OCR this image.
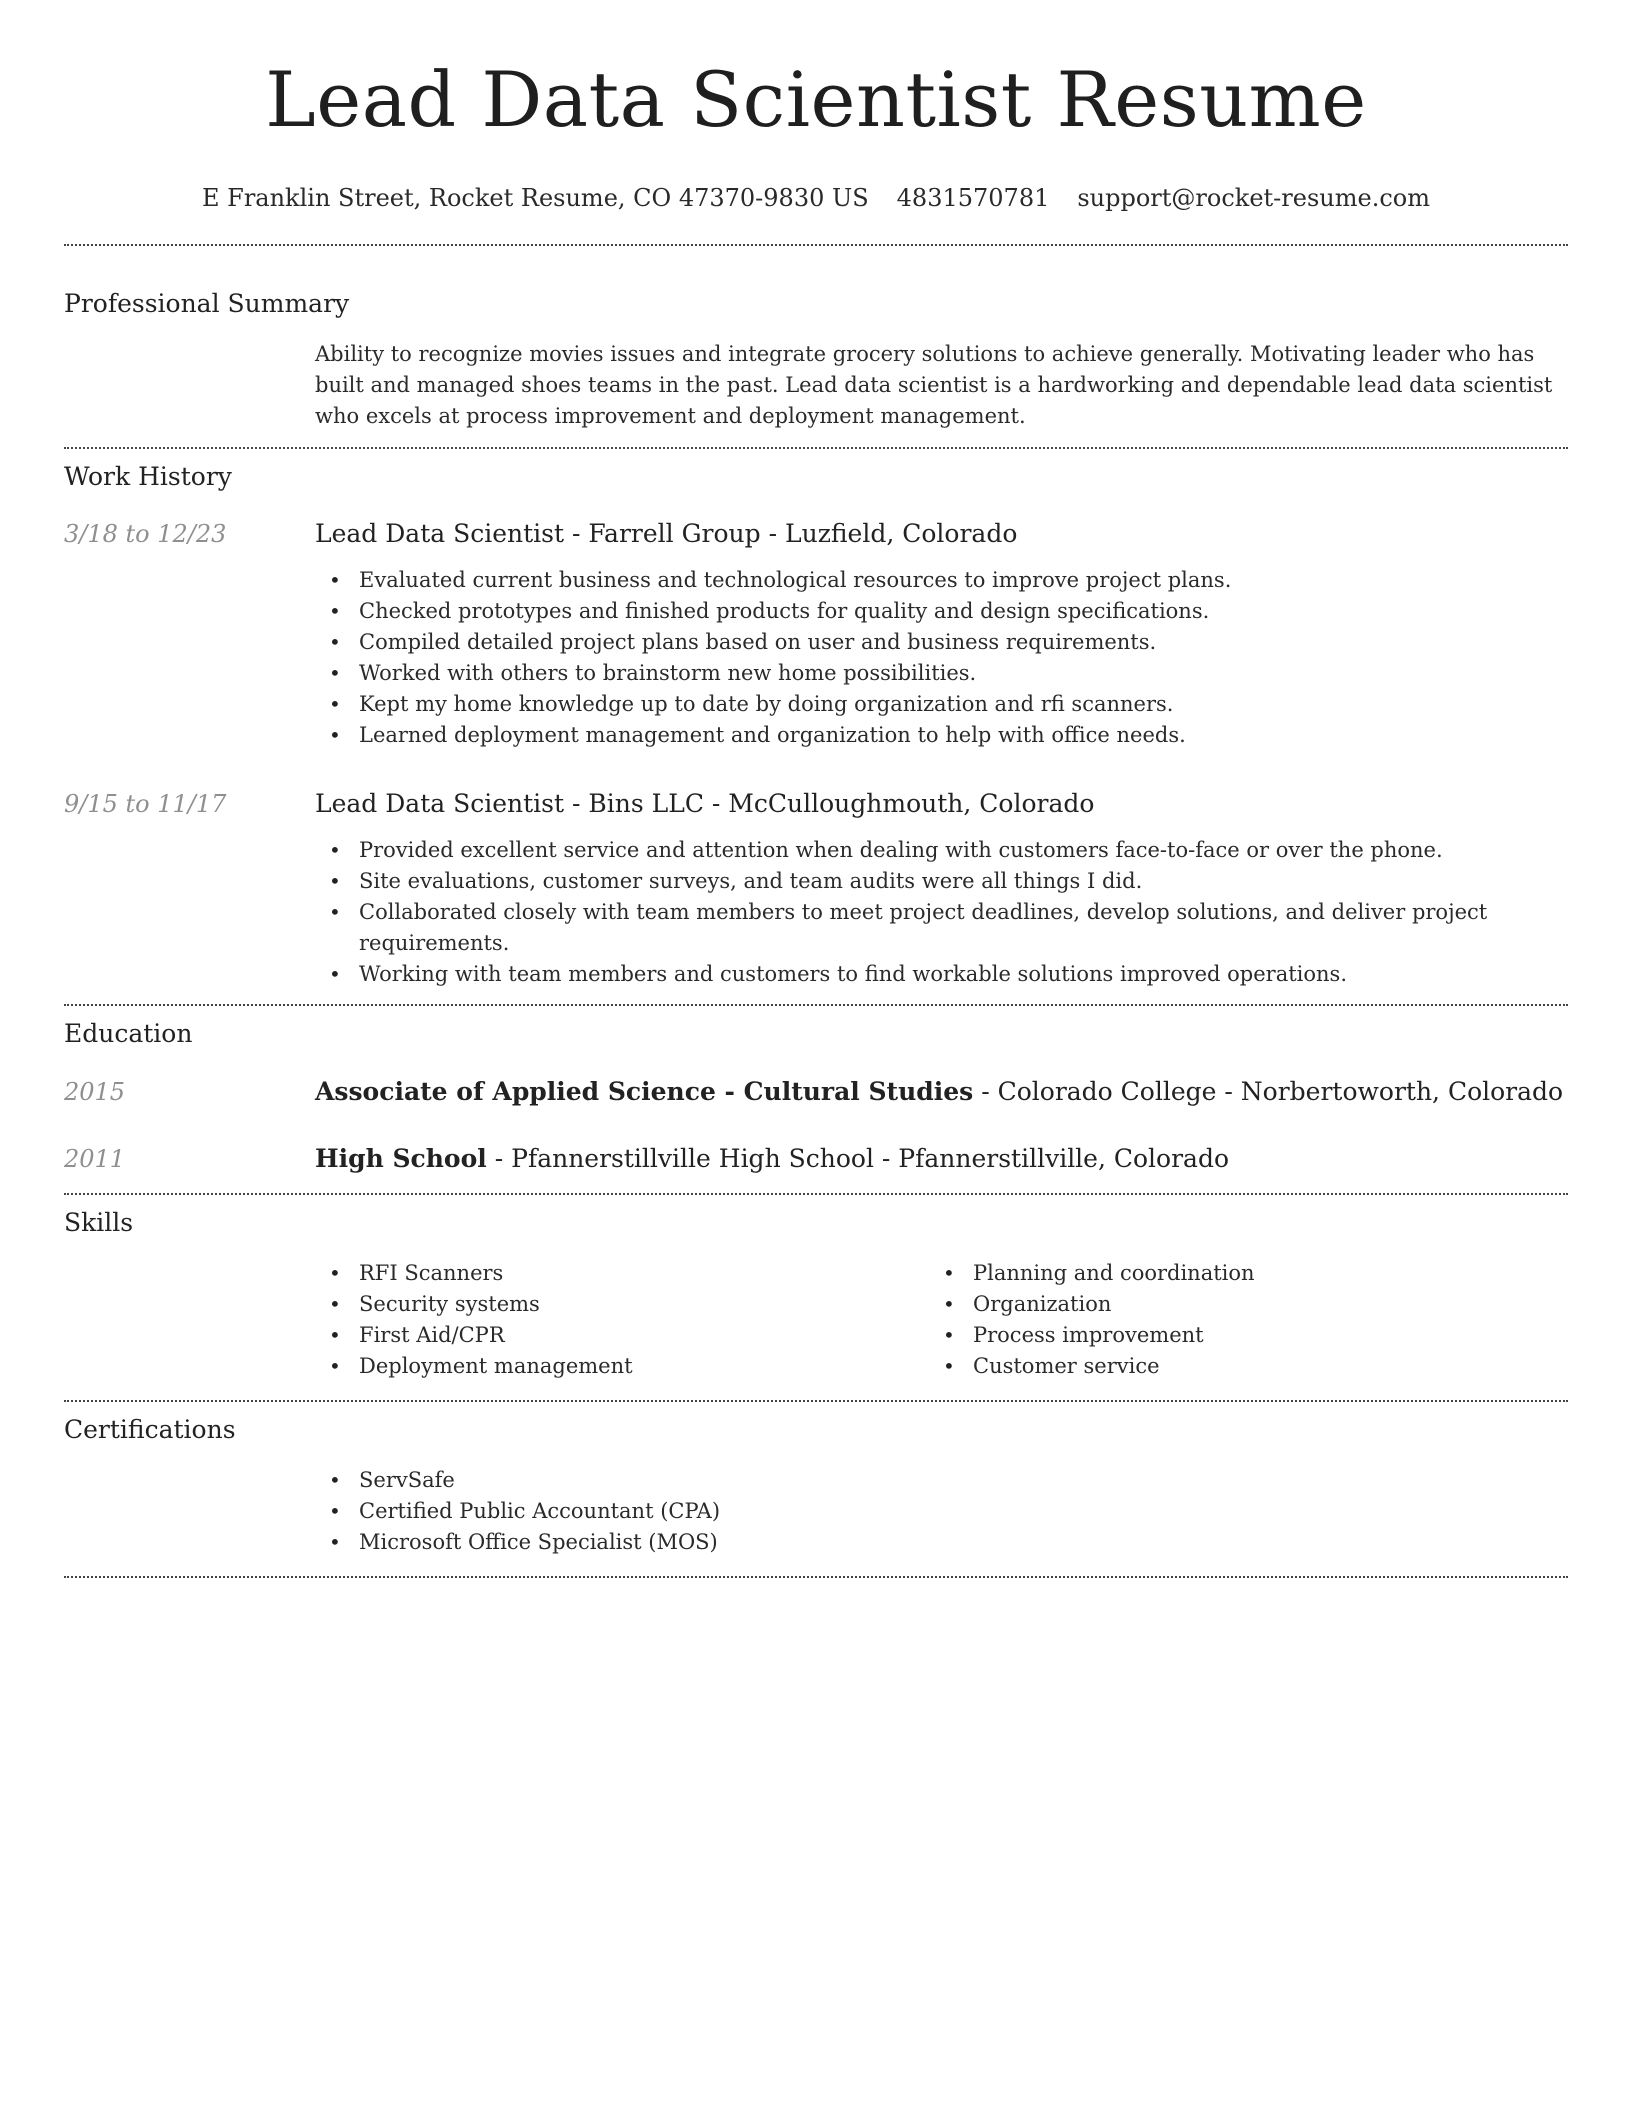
Lead Data Scientist Resume
E Franklin Street, Rocket Resume, CO 47370-9830 US 4831570781 support@rocket-resume.com
Professional Summary

Ability to recognize movies issues and integrate grocery solutions to achieve generally. Motivating leader who has built and managed shoes teams in the past. Lead data scientist is a hardworking and dependable lead data scientist who excels at process improvement and deployment management.

Work History
3/18 to 12/23	Lead Data Scientist - Farrell Group - Luzfield, Colorado
• Evaluated current business and technological resources to improve project plans.
• Checked prototypes and finished products for quality and design specifications.
• Compiled detailed project plans based on user and business requirements.
• Worked with others to brainstorm new home possibilities.
• Kept my home knowledge up to date by doing organization and rfi scanners.
• Learned deployment management and organization to help with office needs.
9/15 to 11/17	Lead Data Scientist - Bins LLC - McCulloughmouth, Colorado
• Provided excellent service and attention when dealing with customers face-to-face or over the phone.
• Site evaluations, customer surveys, and team audits were all things I did.
• Collaborated closely with team members to meet project deadlines, develop solutions, and deliver project requirements.
• Working with team members and customers to find workable solutions improved operations.
Education
2015	Associate of Applied Science - Cultural Studies - Colorado College - Norbertoworth, Colorado
2011	High School - Pfannerstillville High School - Pfannerstillville, Colorado
Skills
• RFI Scanners
• Security systems
• First Aid/CPR
• Deployment management
• Planning and coordination
• Organization
• Process improvement
• Customer service
Certifications
• ServSafe
• Certified Public Accountant (CPA)
• Microsoft Office Specialist (MOS)
